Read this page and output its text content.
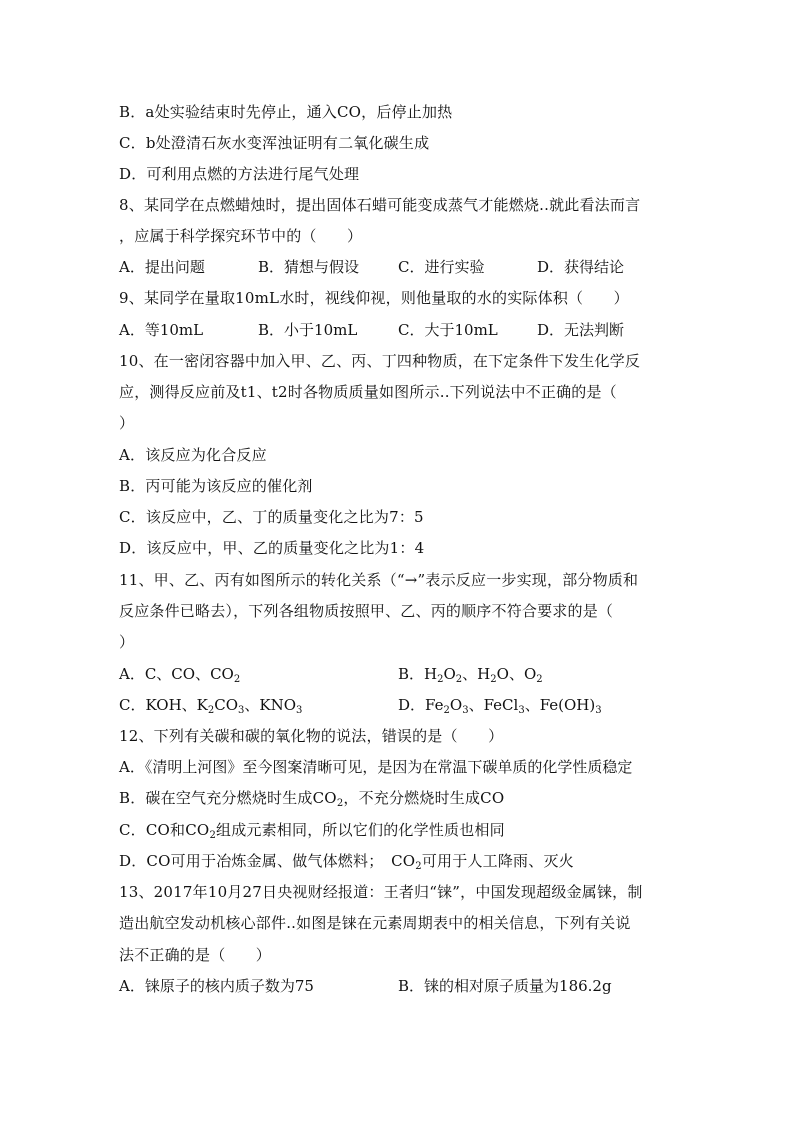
B．a处实验结束时先停止，通入CO，后停止加热
C．b处澄清石灰水变浑浊证明有二氧化碳生成
D．可利用点燃的方法进行尾气处理
8、某同学在点燃蜡烛时，提出固体石蜡可能变成蒸气才能燃烧..就此看法而言
，应属于科学探究环节中的（　　）
A．提出问题	B．猜想与假设	C．进行实验	D．获得结论
9、某同学在量取10mL水时，视线仰视，则他量取的水的实际体积（　　）
A．等10mL	B．小于10mL	C．大于10mL	D．无法判断
10、在一密闭容器中加入甲、乙、丙、丁四种物质，在下定条件下发生化学反
应，测得反应前及t1、t2时各物质质量如图所示..下列说法中不正确的是（
）
A．该反应为化合反应
B．丙可能为该反应的催化剂
C．该反应中，乙、丁的质量变化之比为7：5
D．该反应中，甲、乙的质量变化之比为1：4
11、甲、乙、丙有如图所示的转化关系（“→”表示反应一步实现，部分物质和
反应条件已略去），下列各组物质按照甲、乙、丙的顺序不符合要求的是（
）
A．C、CO、$CO_2$	B．$H_2O_2$、$H_2O$、$O_2$
C．KOH、$K_2CO_3$、$KNO_3$	D．$Fe_2O_3$、FeCl$_3$、$Fe(OH)_3$
12、下列有关碳和碳的氧化物的说法，错误的是（　　）
A．《清明上河图》至今图案清晰可见，是因为在常温下碳单质的化学性质稳定
B．碳在空气充分燃烧时生成$CO_2$，不充分燃烧时生成CO
C．CO和$CO_2$组成元素相同，所以它们的化学性质也相同
D．CO可用于冶炼金属、做气体燃料；　$CO_2$可用于人工降雨、灭火
13、2017年10月27日央视财经报道：王者归“铼”，中国发现超级金属铼，制
造出航空发动机核心部件..如图是铼在元素周期表中的相关信息，下列有关说
法不正确的是（　　）
A．铼原子的核内质子数为75	B．铼的相对原子质量为186.2g
